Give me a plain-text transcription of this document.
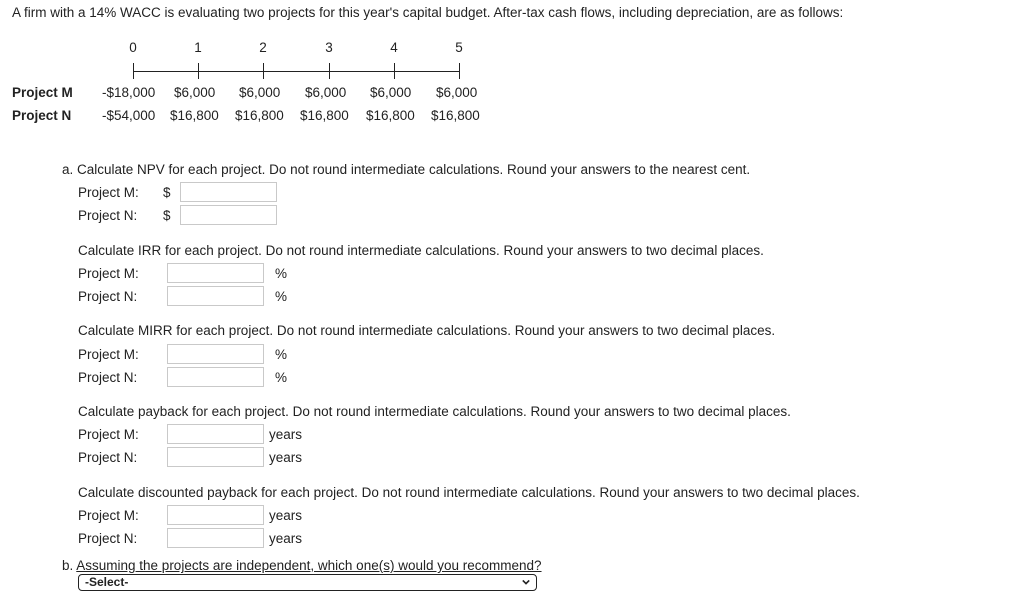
A firm with a 14% WACC is evaluating two projects for this year's capital budget. After-tax cash flows, including depreciation, are as follows:
0	1	2	3	4	5
Project M -$18,000 $6,000 $6,000 $6,000 $6,000 $6,000
Project N -$54,000 $16,800 $16,800 $16,800 $16,800 $16,800
a. Calculate NPV for each project. Do not round intermediate calculations. Round your answers to the nearest cent.
Project M: $
Project N: $
Calculate IRR for each project. Do not round intermediate calculations. Round your answers to two decimal places.
Project M:	%
Project N:	%
Calculate MIRR for each project. Do not round intermediate calculations. Round your answers to two decimal places.
Project M:	%
Project N:	%
Calculate payback for each project. Do not round intermediate calculations. Round your answers to two decimal places.
Project M:	years
Project N:	years
Calculate discounted payback for each project. Do not round intermediate calculations. Round your answers to two decimal places.
Project M:	years
Project N:	years
b. Assuming the projects are independent, which one(s) would you recommend?
-Select-
